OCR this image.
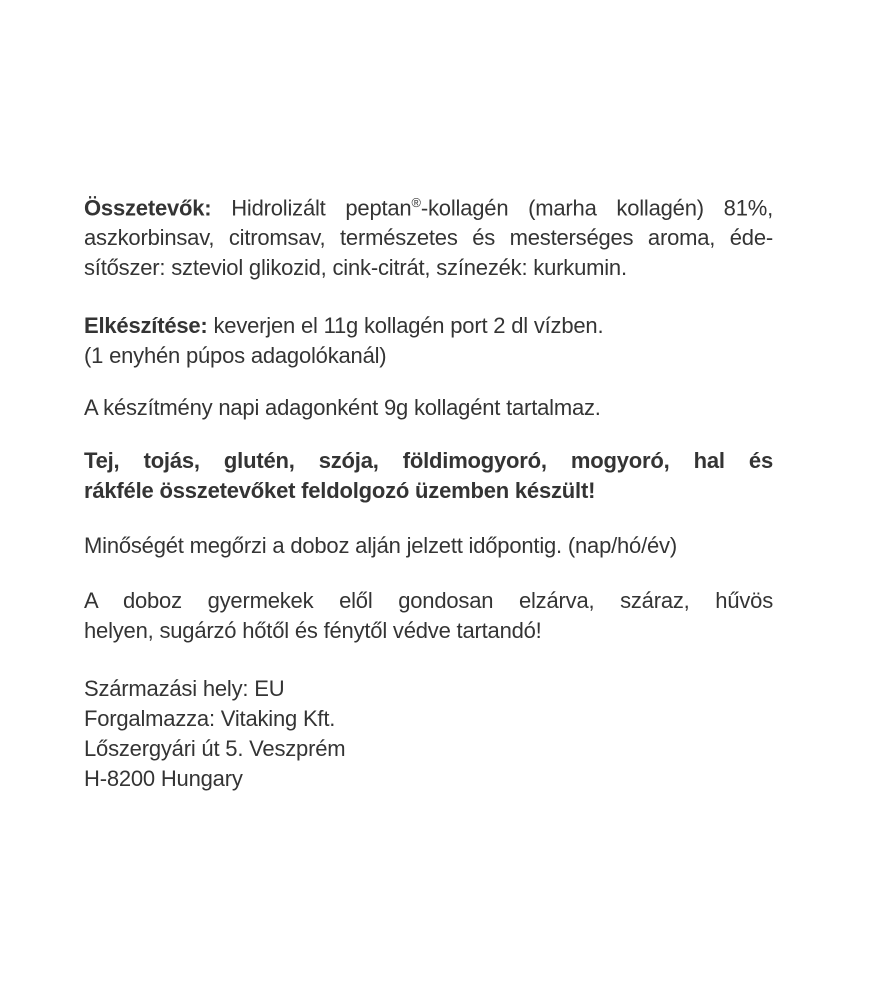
Összetevők: Hidrolizált peptan®-kollagén (marha kollagén) 81%,
aszkorbinsav, citromsav, természetes és mesterséges aroma, éde-
sítőszer: szteviol glikozid, cink-citrát, színezék: kurkumin.

Elkészítése: keverjen el 11g kollagén port 2 dl vízben.
(1 enyhén púpos adagolókanál)

A készítmény napi adagonként 9g kollagént tartalmaz.

Tej, tojás, glutén, szója, földimogyoró, mogyoró, hal és
rákféle összetevőket feldolgozó üzemben készült!

Minőségét megőrzi a doboz alján jelzett időpontig. (nap/hó/év)

A doboz gyermekek elől gondosan elzárva, száraz, hűvös
helyen, sugárzó hőtől és fénytől védve tartandó!

Származási hely: EU
Forgalmazza: Vitaking Kft.
Lőszergyári út 5. Veszprém
H-8200 Hungary
